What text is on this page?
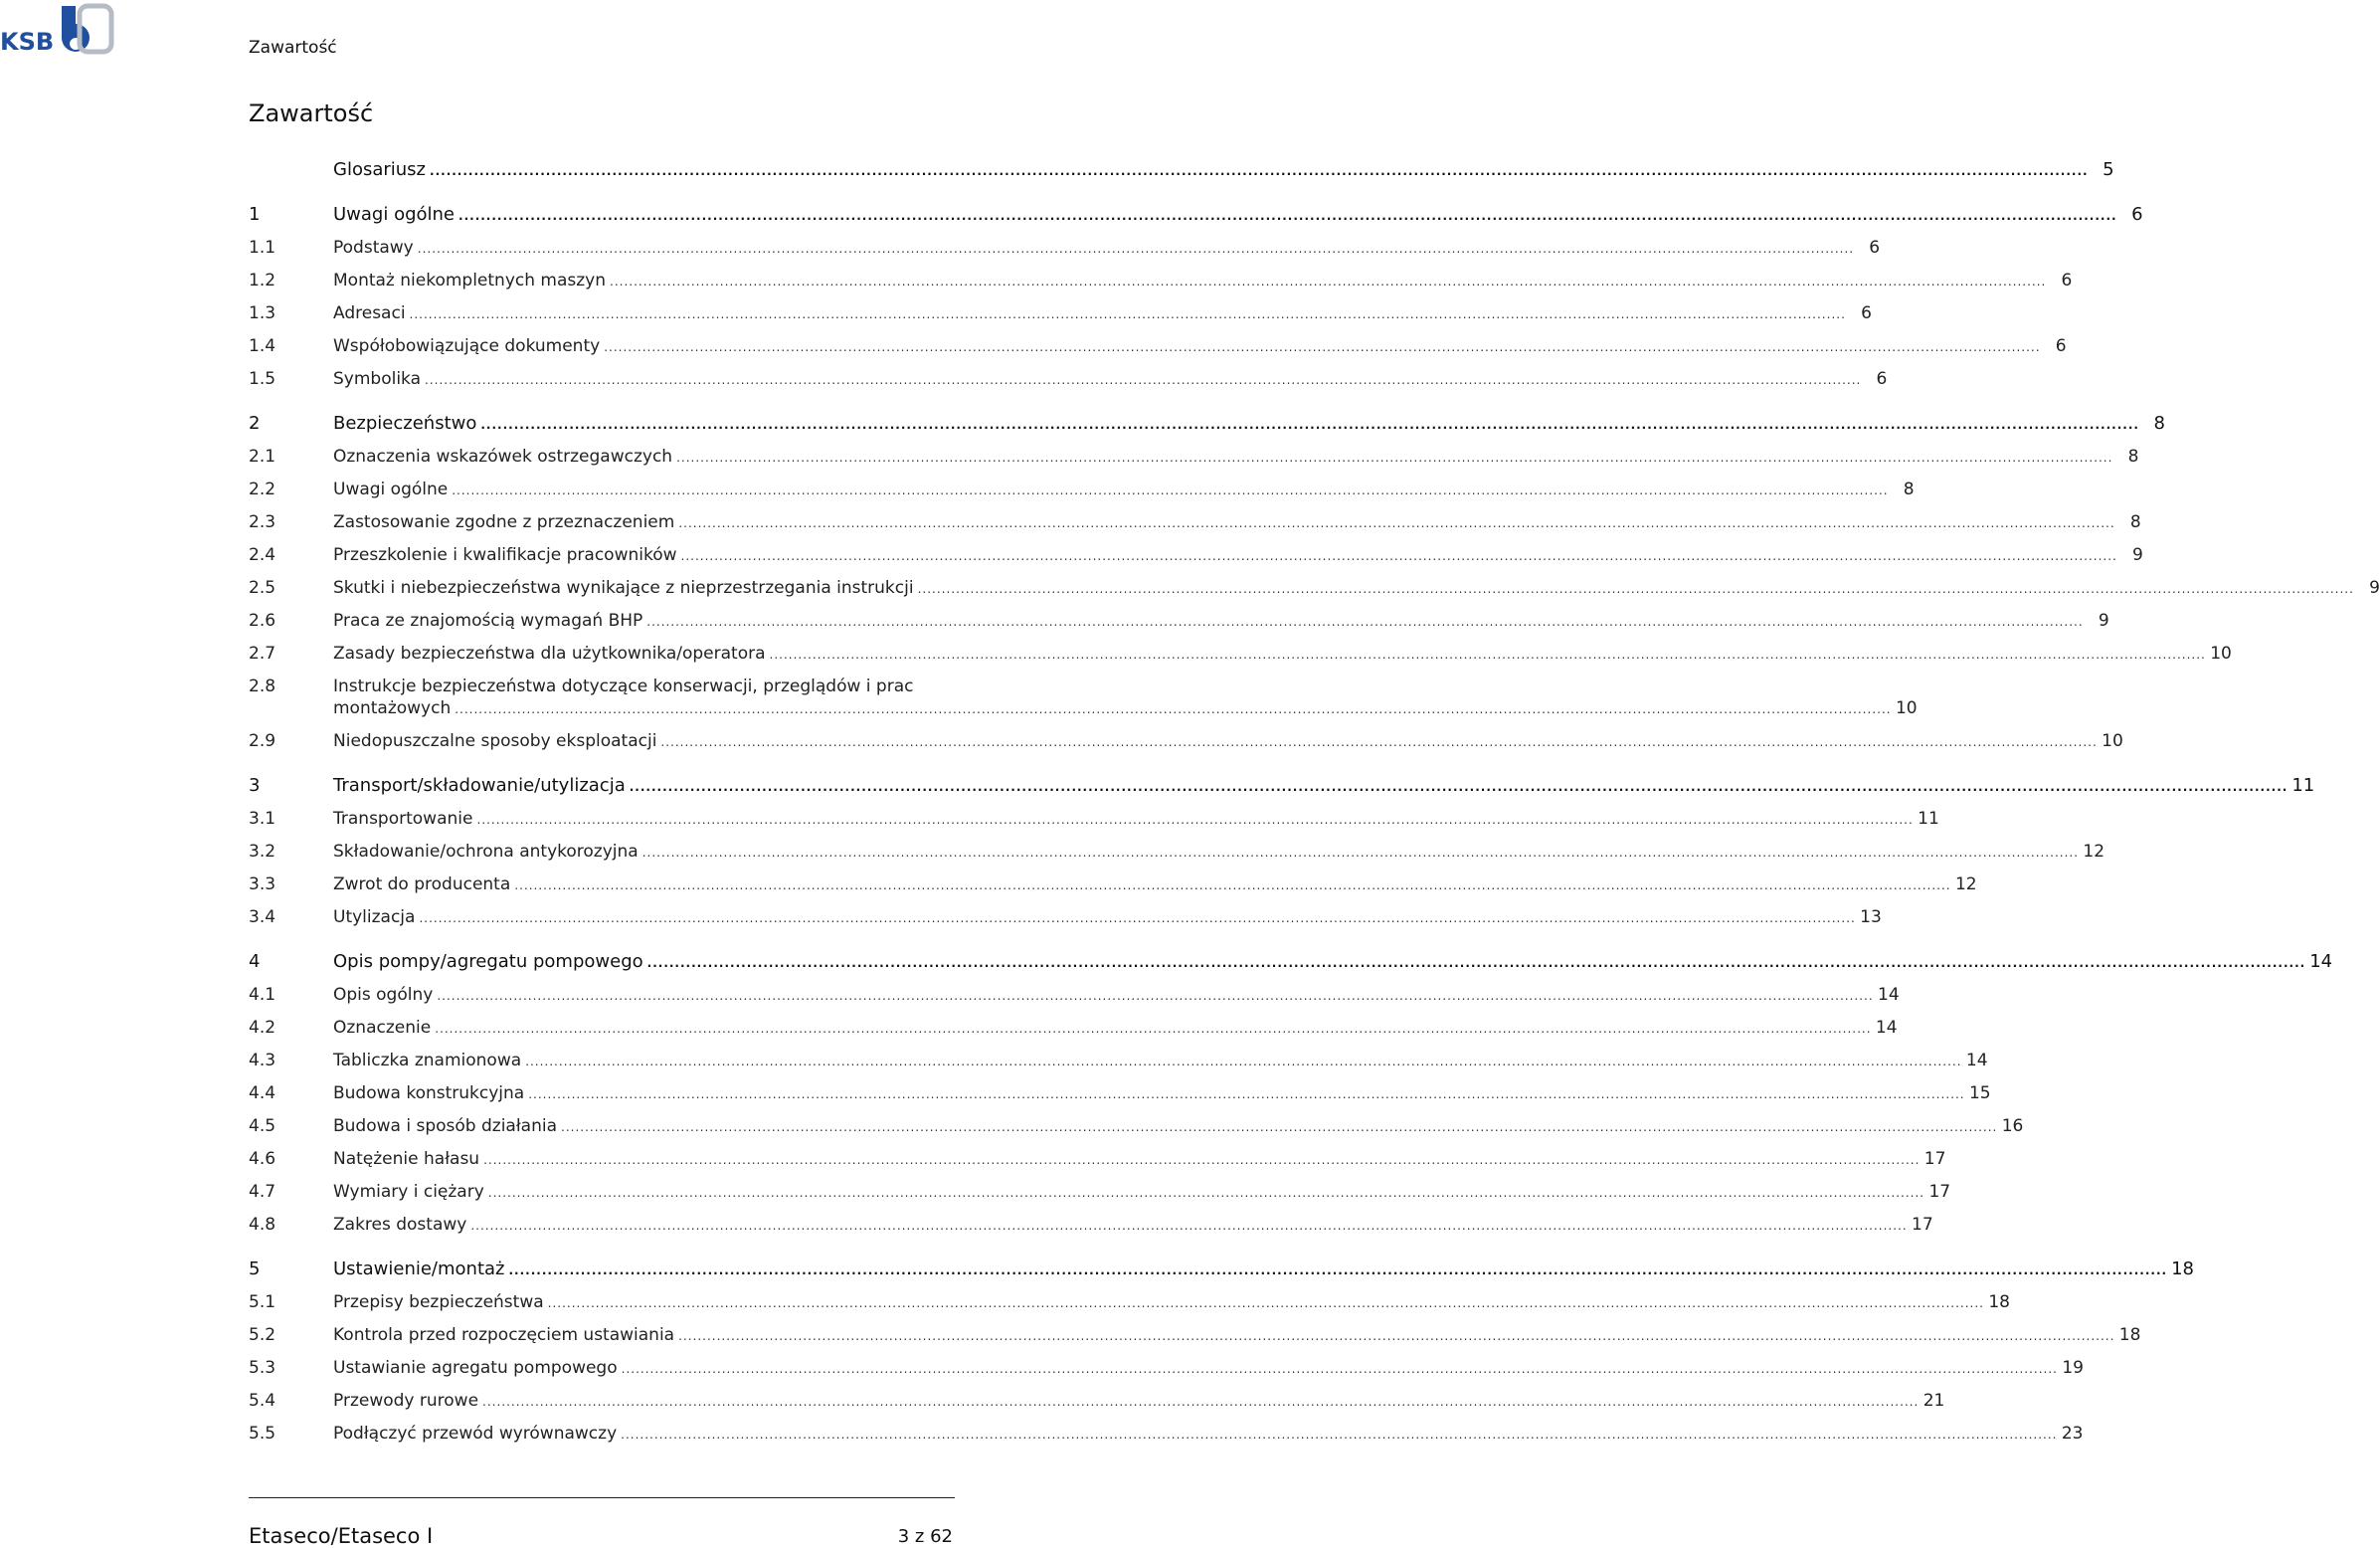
KSB	Zawartość
Zawartość
Glosariusz ............................................................................................................................................................................................................................................................................................................ 5
1	Uwagi ogólne ............................................................................................................................................................................................................................................................................................................ 6
1.1	Podstawy ............................................................................................................................................................................................................................................................................................................ 6
1.2	Montaż niekompletnych maszyn ............................................................................................................................................................................................................................................................................................................ 6
1.3	Adresaci ............................................................................................................................................................................................................................................................................................................ 6
1.4	Współobowiązujące dokumenty ............................................................................................................................................................................................................................................................................................................ 6
1.5	Symbolika ............................................................................................................................................................................................................................................................................................................ 6
2	Bezpieczeństwo ............................................................................................................................................................................................................................................................................................................ 8
2.1	Oznaczenia wskazówek ostrzegawczych ............................................................................................................................................................................................................................................................................................................ 8
2.2	Uwagi ogólne ............................................................................................................................................................................................................................................................................................................ 8
2.3	Zastosowanie zgodne z przeznaczeniem ............................................................................................................................................................................................................................................................................................................ 8
2.4	Przeszkolenie i kwalifikacje pracowników ............................................................................................................................................................................................................................................................................................................ 9
2.5	Skutki i niebezpieczeństwa wynikające z nieprzestrzegania instrukcji ............................................................................................................................................................................................................................................................................................................ 9
2.6	Praca ze znajomością wymagań BHP ............................................................................................................................................................................................................................................................................................................ 9
2.7	Zasady bezpieczeństwa dla użytkownika/operatora ............................................................................................................................................................................................................................................................................................................ 10
2.8	Instrukcje bezpieczeństwa dotyczące konserwacji, przeglądów i prac
montażowych ............................................................................................................................................................................................................................................................................................................ 10
2.9	Niedopuszczalne sposoby eksploatacji ............................................................................................................................................................................................................................................................................................................ 10
3	Transport/składowanie/utylizacja ............................................................................................................................................................................................................................................................................................................ 11
3.1	Transportowanie ............................................................................................................................................................................................................................................................................................................ 11
3.2	Składowanie/ochrona antykorozyjna ............................................................................................................................................................................................................................................................................................................ 12
3.3	Zwrot do producenta ............................................................................................................................................................................................................................................................................................................ 12
3.4	Utylizacja ............................................................................................................................................................................................................................................................................................................ 13
4	Opis pompy/agregatu pompowego ............................................................................................................................................................................................................................................................................................................ 14
4.1	Opis ogólny ............................................................................................................................................................................................................................................................................................................ 14
4.2	Oznaczenie ............................................................................................................................................................................................................................................................................................................ 14
4.3	Tabliczka znamionowa ............................................................................................................................................................................................................................................................................................................ 14
4.4	Budowa konstrukcyjna ............................................................................................................................................................................................................................................................................................................ 15
4.5	Budowa i sposób działania ............................................................................................................................................................................................................................................................................................................ 16
4.6	Natężenie hałasu ............................................................................................................................................................................................................................................................................................................ 17
4.7	Wymiary i ciężary ............................................................................................................................................................................................................................................................................................................ 17
4.8	Zakres dostawy ............................................................................................................................................................................................................................................................................................................ 17
5	Ustawienie/montaż ............................................................................................................................................................................................................................................................................................................ 18
5.1	Przepisy bezpieczeństwa ............................................................................................................................................................................................................................................................................................................ 18
5.2	Kontrola przed rozpoczęciem ustawiania ............................................................................................................................................................................................................................................................................................................ 18
5.3	Ustawianie agregatu pompowego ............................................................................................................................................................................................................................................................................................................ 19
5.4	Przewody rurowe ............................................................................................................................................................................................................................................................................................................ 21
5.5	Podłączyć przewód wyrównawczy ............................................................................................................................................................................................................................................................................................................ 23
Etaseco/Etaseco I	3 z 62
